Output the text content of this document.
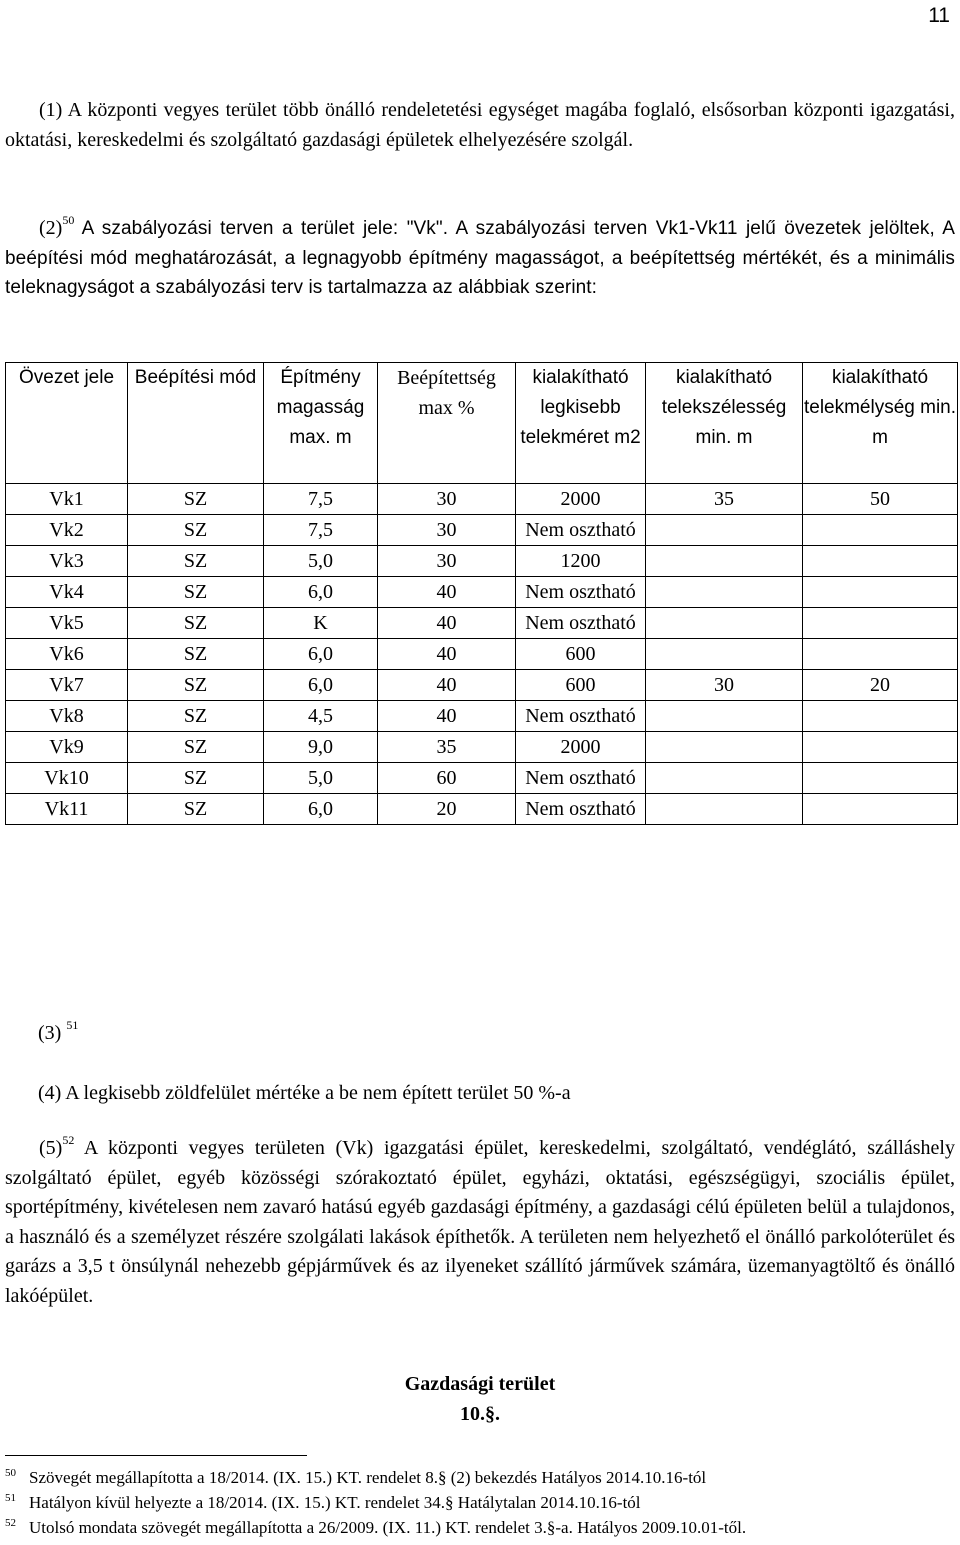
11

(1) A központi vegyes terület több önálló rendeletetési egységet magába foglaló, elsősorban központi igazgatási, oktatási, kereskedelmi és szolgáltató gazdasági épületek elhelyezésére szolgál.

$(2)^{50}$ A szabályozási terven a terület jele: "Vk". A szabályozási terven Vk1-Vk11 jelű övezetek jelöltek, A beépítési mód meghatározását, a legnagyobb építmény magasságot, a beépítettség mértékét, és a minimális teleknagyságot a szabályozási terv is tartalmazza az alábbiak szerint:

Övezet jele	Beépítési mód	Építmény magasság max. m	Beépítettség max %	kialakítható legkisebb telekméret m2	kialakítható telekszélesség min. m	kialakítható telekmélység min. m
Vk1	SZ	7,5	30	2000	35	50
Vk2	SZ	7,5	30	Nem osztható		
Vk3	SZ	5,0	30	1200		
Vk4	SZ	6,0	40	Nem osztható		
Vk5	SZ	K	40	Nem osztható		
Vk6	SZ	6,0	40	600		
Vk7	SZ	6,0	40	600	30	20
Vk8	SZ	4,5	40	Nem osztható		
Vk9	SZ	9,0	35	2000		
Vk10	SZ	5,0	60	Nem osztható		
Vk11	SZ	6,0	20	Nem osztható		
(3) $^{51}$

(4) A legkisebb zöldfelület mértéke a be nem épített terület 50 %-a

$(5)^{52}$ A központi vegyes területen (Vk) igazgatási épület, kereskedelmi, szolgáltató, vendéglátó, szálláshely szolgáltató épület, egyéb közösségi szórakoztató épület, egyházi, oktatási, egészségügyi, szociális épület, sportépítmény, kivételesen nem zavaró hatású egyéb gazdasági építmény, a gazdasági célú épületen belül a tulajdonos, a használó és a személyzet részére szolgálati lakások építhetők. A területen nem helyezhető el önálló parkolóterület és garázs a 3,5 t önsúlynál nehezebb gépjárművek és az ilyeneket szállító járművek számára, üzemanyagtöltő és önálló lakóépület.

Gazdasági terület
10.§.
50 Szövegét megállapította a 18/2014. (IX. 15.) KT. rendelet 8.§ (2) bekezdés Hatályos 2014.10.16-tól
51 Hatályon kívül helyezte a 18/2014. (IX. 15.) KT. rendelet 34.§ Hatálytalan 2014.10.16-tól
52 Utolsó mondata szövegét megállapította a 26/2009. (IX. 11.) KT. rendelet 3.§-a. Hatályos 2009.10.01-től.
